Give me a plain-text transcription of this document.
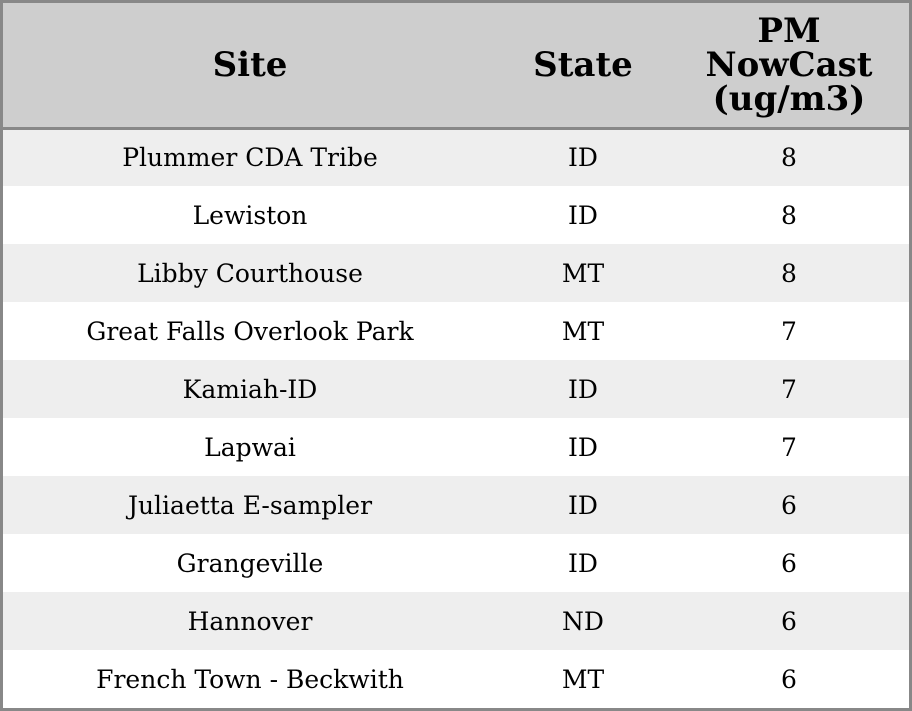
Site	State	PM
NowCast
(ug/m3)

Plummer CDA Tribe	ID	8
Lewiston	ID	8
Libby Courthouse	MT	8
Great Falls Overlook Park	MT	7
Kamiah-ID	ID	7
Lapwai	ID	7
Juliaetta E-sampler	ID	6
Grangeville	ID	6
Hannover	ND	6
French Town - Beckwith	MT	6
